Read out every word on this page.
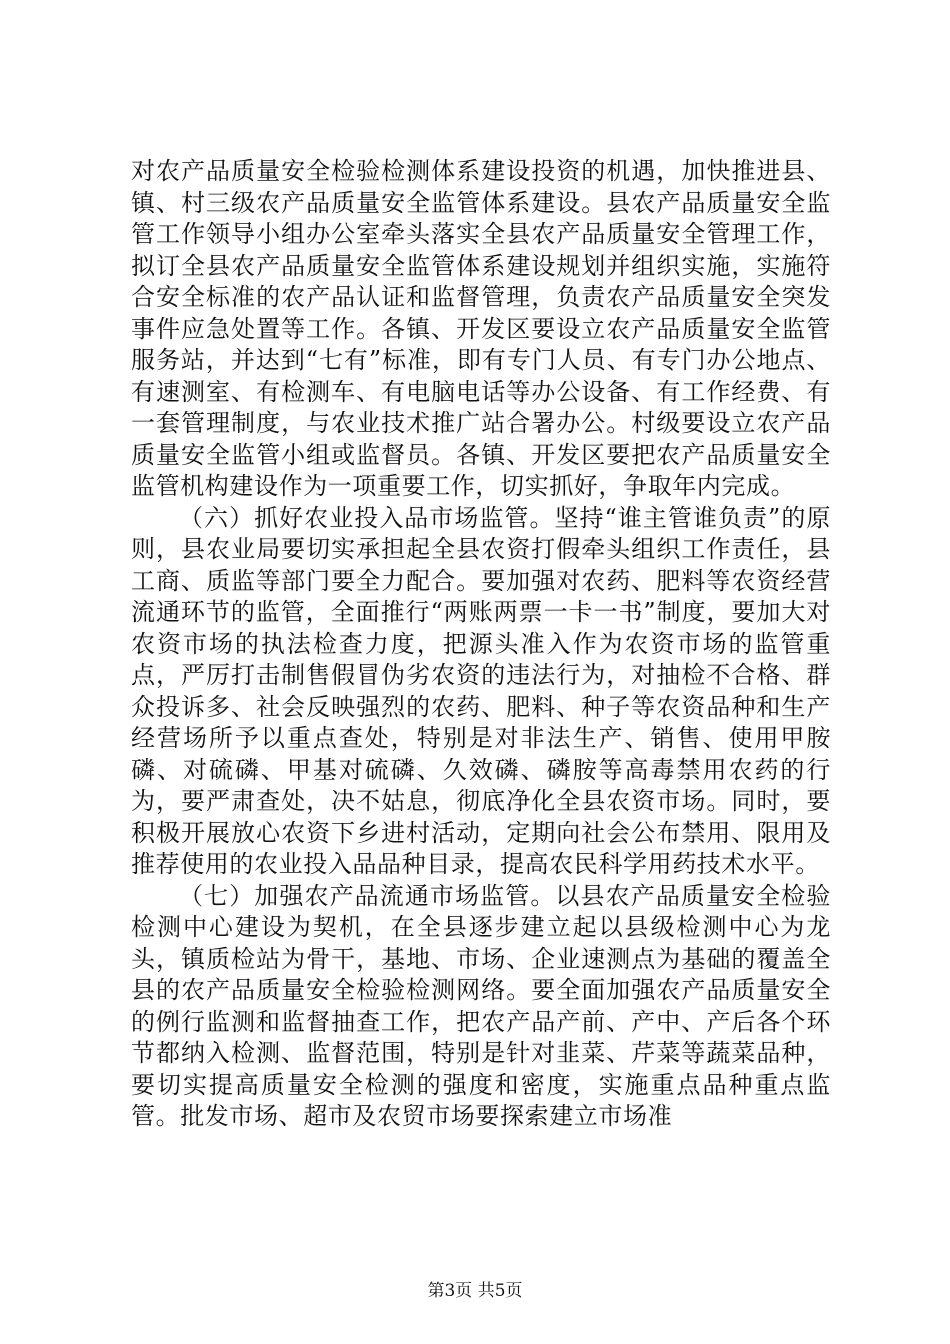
对农产品质量安全检验检测体系建设投资的机遇，加快推进县、镇、村三级农产品质量安全监管体系建设。县农产品质量安全监管工作领导小组办公室牵头落实全县农产品质量安全管理工作，拟订全县农产品质量安全监管体系建设规划并组织实施，实施符合安全标准的农产品认证和监督管理，负责农产品质量安全突发事件应急处置等工作。各镇、开发区要设立农产品质量安全监管服务站，并达到“七有”标准，即有专门人员、有专门办公地点、有速测室、有检测车、有电脑电话等办公设备、有工作经费、有一套管理制度，与农业技术推广站合署办公。村级要设立农产品质量安全监管小组或监督员。各镇、开发区要把农产品质量安全监管机构建设作为一项重要工作，切实抓好，争取年内完成。

（六）抓好农业投入品市场监管。坚持“谁主管谁负责”的原则，县农业局要切实承担起全县农资打假牵头组织工作责任，县工商、质监等部门要全力配合。要加强对农药、肥料等农资经营流通环节的监管，全面推行“两账两票一卡一书”制度，要加大对农资市场的执法检查力度，把源头准入作为农资市场的监管重点，严厉打击制售假冒伪劣农资的违法行为，对抽检不合格、群众投诉多、社会反映强烈的农药、肥料、种子等农资品种和生产经营场所予以重点查处，特别是对非法生产、销售、使用甲胺磷、对硫磷、甲基对硫磷、久效磷、磷胺等高毒禁用农药的行为，要严肃查处，决不姑息，彻底净化全县农资市场。同时，要积极开展放心农资下乡进村活动，定期向社会公布禁用、限用及推荐使用的农业投入品品种目录，提高农民科学用药技术水平。

（七）加强农产品流通市场监管。以县农产品质量安全检验检测中心建设为契机，在全县逐步建立起以县级检测中心为龙头，镇质检站为骨干，基地、市场、企业速测点为基础的覆盖全县的农产品质量安全检验检测网络。要全面加强农产品质量安全的例行监测和监督抽查工作，把农产品产前、产中、产后各个环节都纳入检测、监督范围，特别是针对韭菜、芹菜等蔬菜品种，要切实提高质量安全检测的强度和密度，实施重点品种重点监管。批发市场、超市及农贸市场要探索建立市场准

第3页 共5页
